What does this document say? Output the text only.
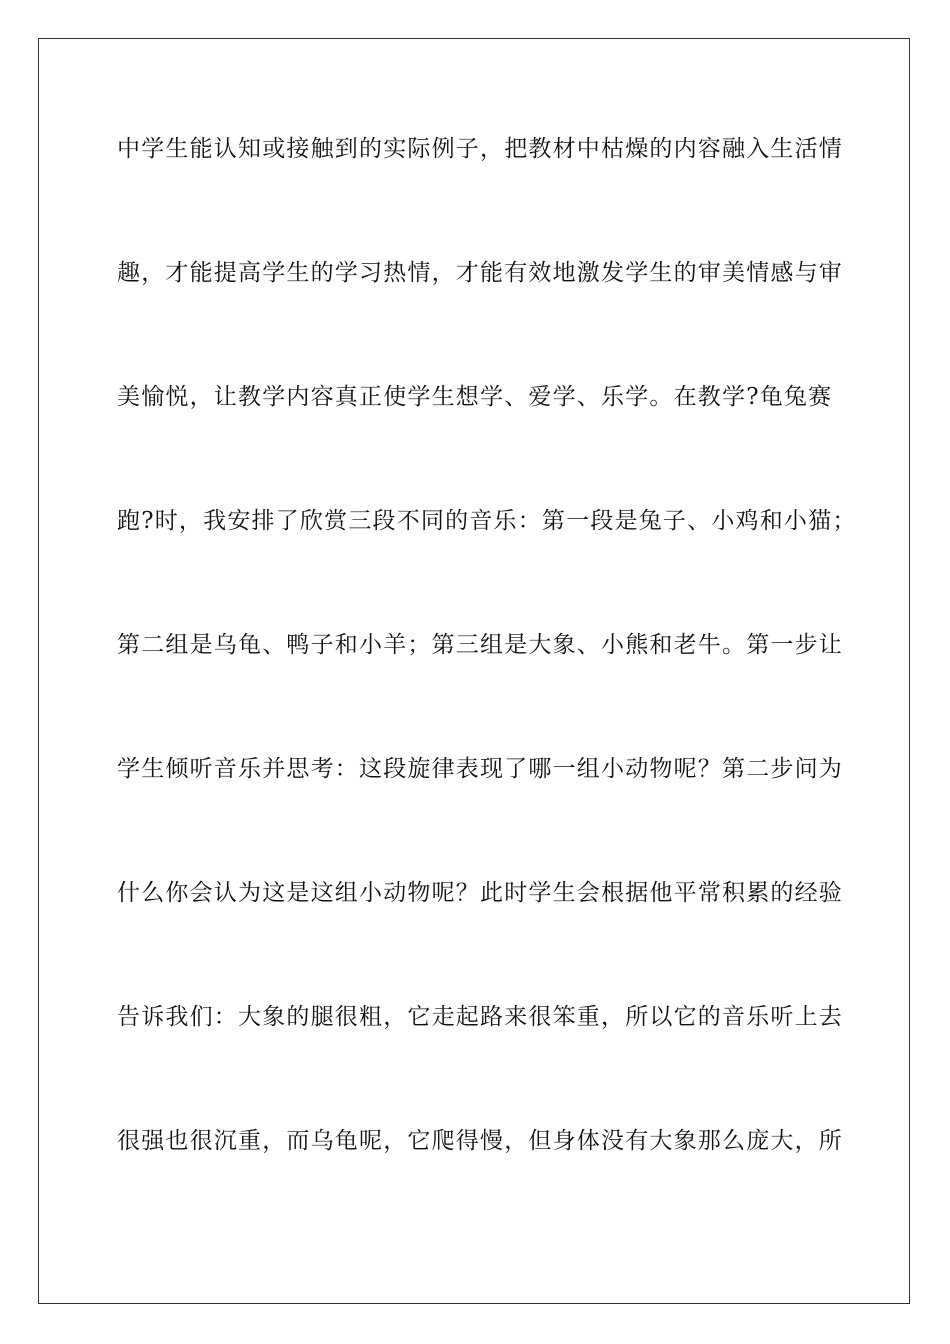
中学生能认知或接触到的实际例子，把教材中枯燥的内容融入生活情
趣，才能提高学生的学习热情，才能有效地激发学生的审美情感与审
美愉悦，让教学内容真正使学生想学、爱学、乐学。在教学?龟兔赛
跑?时，我安排了欣赏三段不同的音乐：第一段是兔子、小鸡和小猫；
第二组是乌龟、鸭子和小羊；第三组是大象、小熊和老牛。第一步让
学生倾听音乐并思考：这段旋律表现了哪一组小动物呢？第二步问为
什么你会认为这是这组小动物呢？此时学生会根据他平常积累的经验
告诉我们：大象的腿很粗，它走起路来很笨重，所以它的音乐听上去
很强也很沉重，而乌龟呢，它爬得慢，但身体没有大象那么庞大，所
